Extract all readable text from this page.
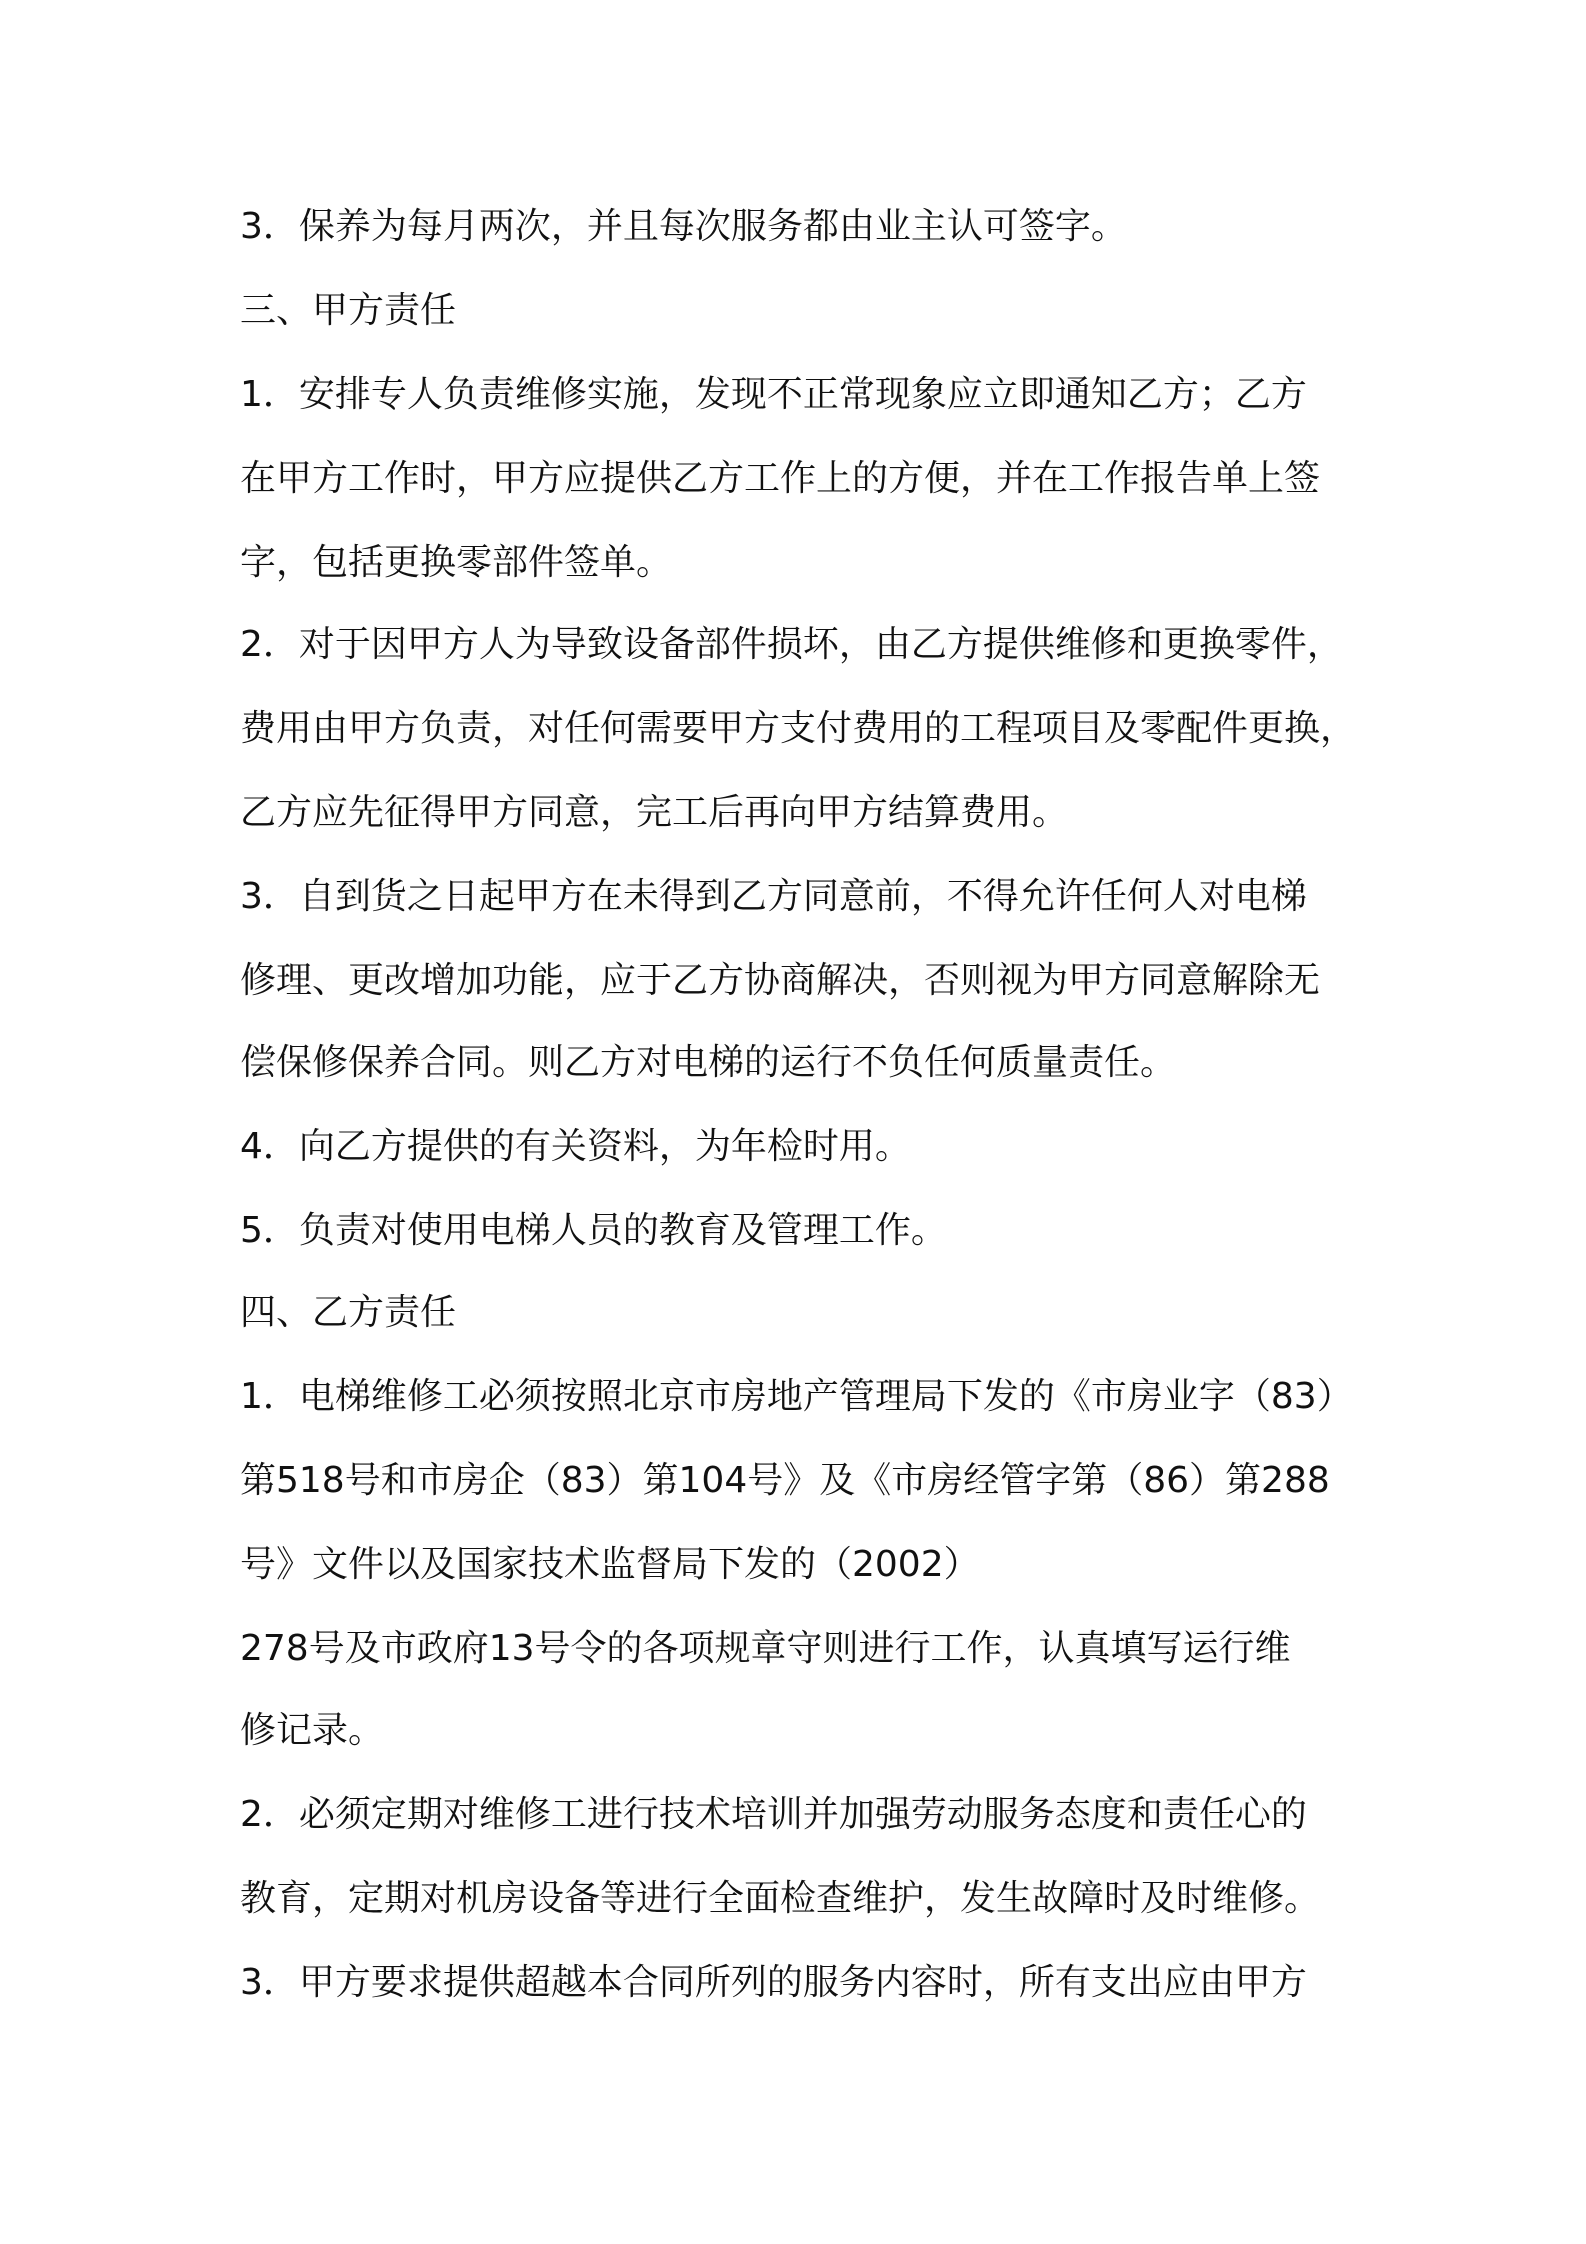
3．保养为每月两次，并且每次服务都由业主认可签字。

三、甲方责任

1．安排专人负责维修实施，发现不正常现象应立即通知乙方；乙方

在甲方工作时，甲方应提供乙方工作上的方便，并在工作报告单上签

字，包括更换零部件签单。

2．对于因甲方人为导致设备部件损坏，由乙方提供维修和更换零件，

费用由甲方负责，对任何需要甲方支付费用的工程项目及零配件更换，

乙方应先征得甲方同意，完工后再向甲方结算费用。

3．自到货之日起甲方在未得到乙方同意前，不得允许任何人对电梯

修理、更改增加功能，应于乙方协商解决，否则视为甲方同意解除无

偿保修保养合同。则乙方对电梯的运行不负任何质量责任。

4．向乙方提供的有关资料，为年检时用。

5．负责对使用电梯人员的教育及管理工作。

四、乙方责任

1．电梯维修工必须按照北京市房地产管理局下发的《市房业字（83）

第518号和市房企（83）第104号》及《市房经管字第（86）第288

号》文件以及国家技术监督局下发的（2002）

278号及市政府13号令的各项规章守则进行工作，认真填写运行维

修记录。

2．必须定期对维修工进行技术培训并加强劳动服务态度和责任心的

教育，定期对机房设备等进行全面检查维护，发生故障时及时维修。

3．甲方要求提供超越本合同所列的服务内容时，所有支出应由甲方
